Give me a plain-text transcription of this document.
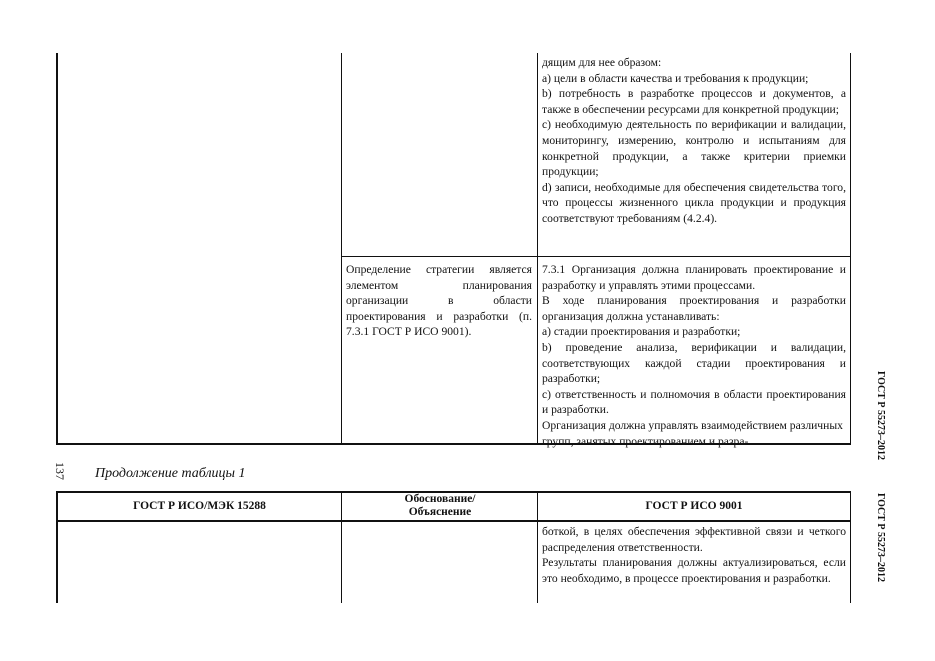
дящим для нее образом:

а) цели в области качества и требования к продукции;

b) потребность в разработке процессов и документов, а также в обеспечении ресурсами для конкретной продукции;

с) необходимую деятельность по верификации и валидации, мониторингу, измерению, контролю и испытаниям для конкретной продукции, а также критерии приемки продукции;

d) записи, необходимые для обеспечения свидетельства того, что процессы жизненного цикла продукции и продукция соответствуют требованиям (4.2.4).

Определение стратегии является элементом планирования организации в области проектирования и разработки (п. 7.3.1 ГОСТ Р ИСО 9001).

7.3.1 Организация должна планировать проектирование и разработку и управлять этими процессами.

В ходе планирования проектирования и разработки организация должна устанавливать:

а) стадии проектирования и разработки;

b) проведение анализа, верификации и валидации, соответствующих каждой стадии проектирования и разработки;

с) ответственность и полномочия в области проектирования и разработки.

Организация должна управлять взаимодействием различных групп, занятых проектированием и разра-

137 Продолжение таблицы 1
ГОСТ Р ИСО/МЭК 15288
Обоснование/ Объяснение	ГОСТ Р ИСО 9001

боткой, в целях обеспечения эффективной связи и четкого распределения ответственности.

Результаты планирования должны актуализироваться, если это необходимо, в процессе проектирования и разработки.

ГОСТ Р 55273–2012
ГОСТ Р 55273–2012
